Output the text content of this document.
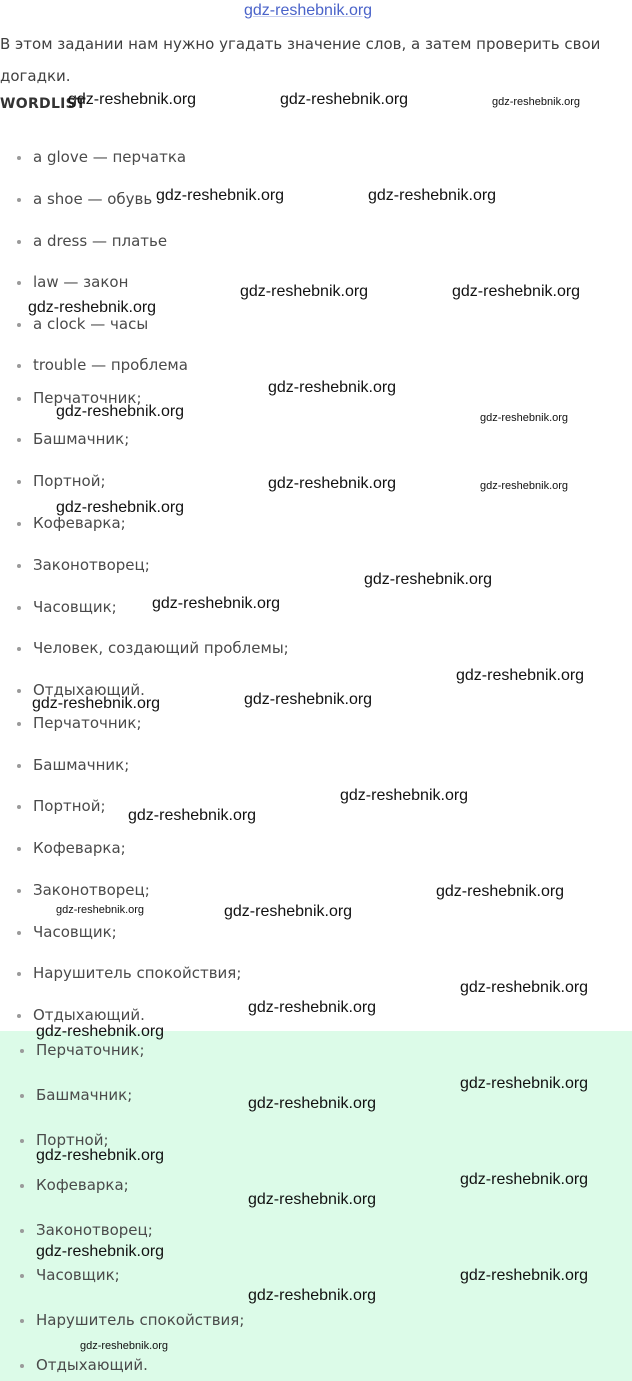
В этом задании нам нужно угадать значение слов, а затем проверить свои догадки.
WORDLIST
a glove — перчатка
a shoe — обувь
a dress — платье
law — закон
a clock — часы
trouble — проблема
Перчаточник;
Башмачник;
Портной;
Кофеварка;
Законотворец;
Часовщик;
Человек, создающий проблемы;
Отдыхающий.
Перчаточник;
Башмачник;
Портной;
Кофеварка;
Законотворец;
Часовщик;
Нарушитель спокойствия;
Отдыхающий.
Перчаточник;
Башмачник;
Портной;
Кофеварка;
Законотворец;
Часовщик;
Нарушитель спокойствия;
Отдыхающий.
gdz-reshebnik.org
gdz-reshebnik.org	gdz-reshebnik.org	gdz-reshebnik.org
gdz-reshebnik.org	gdz-reshebnik.org
gdz-reshebnik.org	gdz-reshebnik.org
gdz-reshebnik.org
gdz-reshebnik.org
gdz-reshebnik.org	gdz-reshebnik.org
gdz-reshebnik.org	gdz-reshebnik.org
gdz-reshebnik.org
gdz-reshebnik.org
gdz-reshebnik.org
gdz-reshebnik.org
gdz-reshebnik.org
gdz-reshebnik.org
gdz-reshebnik.org
gdz-reshebnik.org
gdz-reshebnik.org
gdz-reshebnik.org	gdz-reshebnik.org
gdz-reshebnik.org
gdz-reshebnik.org
gdz-reshebnik.org
gdz-reshebnik.org
gdz-reshebnik.org
gdz-reshebnik.org
gdz-reshebnik.org
gdz-reshebnik.org
gdz-reshebnik.org
gdz-reshebnik.org
gdz-reshebnik.org
gdz-reshebnik.org
